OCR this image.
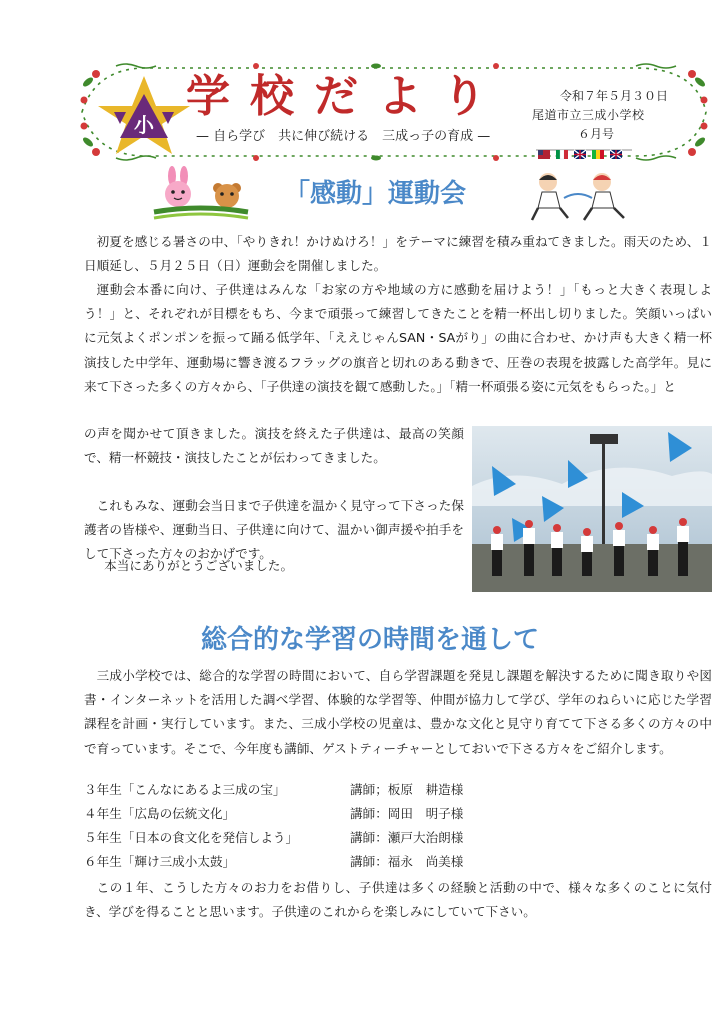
小
学校だより
— 自ら学び　共に伸び続ける　三成っ子の育成 —
令和７年５月３０日
尾道市立三成小学校
６月号
「感動」運動会

初夏を感じる暑さの中、「やりきれ！かけぬけろ！」をテーマに練習を積み重ねてきました。雨天のため、１日順延し、５月２５日（日）運動会を開催しました。

運動会本番に向け、子供達はみんな「お家の方や地域の方に感動を届けよう！」「もっと大きく表現しよう！」と、それぞれが目標をもち、今まで頑張って練習してきたことを精一杯出し切りました。笑顔いっぱいに元気よくポンポンを振って踊る低学年、「ええじゃんSAN・SAがり」の曲に合わせ、かけ声も大きく精一杯演技した中学年、運動場に響き渡るフラッグの旗音と切れのある動きで、圧巻の表現を披露した高学年。見に来て下さった多くの方々から、「子供達の演技を観て感動した。」「精一杯頑張る姿に元気をもらった。」と

の声を聞かせて頂きました。演技を終えた子供達は、最高の笑顔で、精一杯競技・演技したことが伝わってきました。

これもみな、運動会当日まで子供達を温かく見守って下さった保護者の皆様や、運動当日、子供達に向けて、温かい御声援や拍手をして下さった方々のおかげです。

本当にありがとうございました。

総合的な学習の時間を通して

三成小学校では、総合的な学習の時間において、自ら学習課題を発見し課題を解決するために聞き取りや図書・インターネットを活用した調べ学習、体験的な学習等、仲間が協力して学び、学年のねらいに応じた学習課程を計画・実行しています。また、三成小学校の児童は、豊かな文化と見守り育てて下さる多くの方々の中で育っています。そこで、今年度も講師、ゲストティーチャーとしておいで下さる方々をご紹介します。

３年生「こんなにあるよ三成の宝」	講師；板原　耕造様
４年生「広島の伝統文化」	講師：岡田　明子様
５年生「日本の食文化を発信しよう」	講師：瀬戸大治朗様
６年生「輝け三成小太鼓」	講師：福永　尚美様

この１年、こうした方々のお力をお借りし、子供達は多くの経験と活動の中で、様々な多くのことに気付き、学びを得ることと思います。子供達のこれからを楽しみにしていて下さい。
